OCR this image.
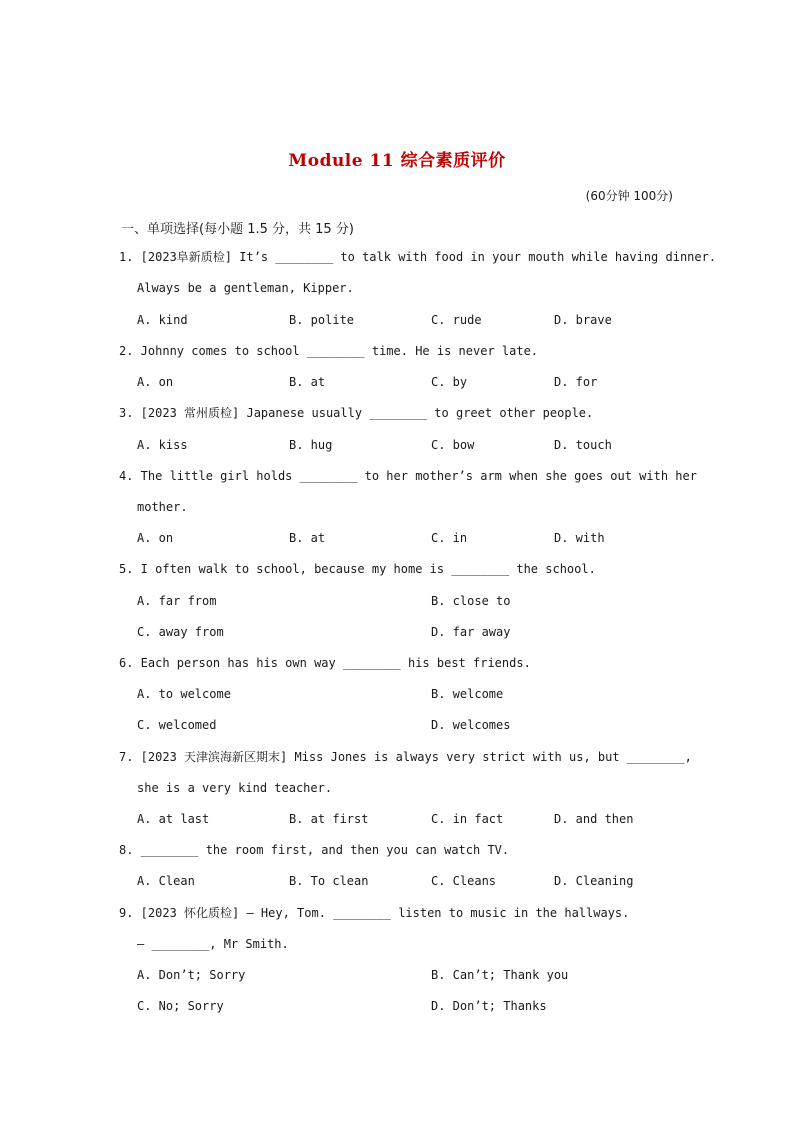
Module 11 综合素质评价
(60分钟 100分)
一、单项选择(每小题 1.5 分，共 15 分)
1. [2023阜新质检] It’s ________ to talk with food in your mouth while having dinner.
Always be a gentleman, Kipper.
A. kind	B. polite	C. rude	D. brave
2. Johnny comes to school ________ time. He is never late.
A. on	B. at	C. by	D. for
3. [2023 常州质检] Japanese usually ________ to greet other people.
A. kiss	B. hug	C. bow	D. touch
4. The little girl holds ________ to her mother’s arm when she goes out with her
mother.
A. on	B. at	C. in	D. with
5. I often walk to school, because my home is ________ the school.
A. far from	B. close to
C. away from	D. far away
6. Each person has his own way ________ his best friends.
A. to welcome	B. welcome
C. welcomed	D. welcomes
7. [2023 天津滨海新区期末] Miss Jones is always very strict with us, but ________,
she is a very kind teacher.
A. at last	B. at first	C. in fact	D. and then
8. ________ the room first, and then you can watch TV.
A. Clean	B. To clean	C. Cleans	D. Cleaning
9. [2023 怀化质检] — Hey, Tom. ________ listen to music in the hallways.
— ________, Mr Smith.
A. Don’t; Sorry	B. Can’t; Thank you
C. No; Sorry	D. Don’t; Thanks
